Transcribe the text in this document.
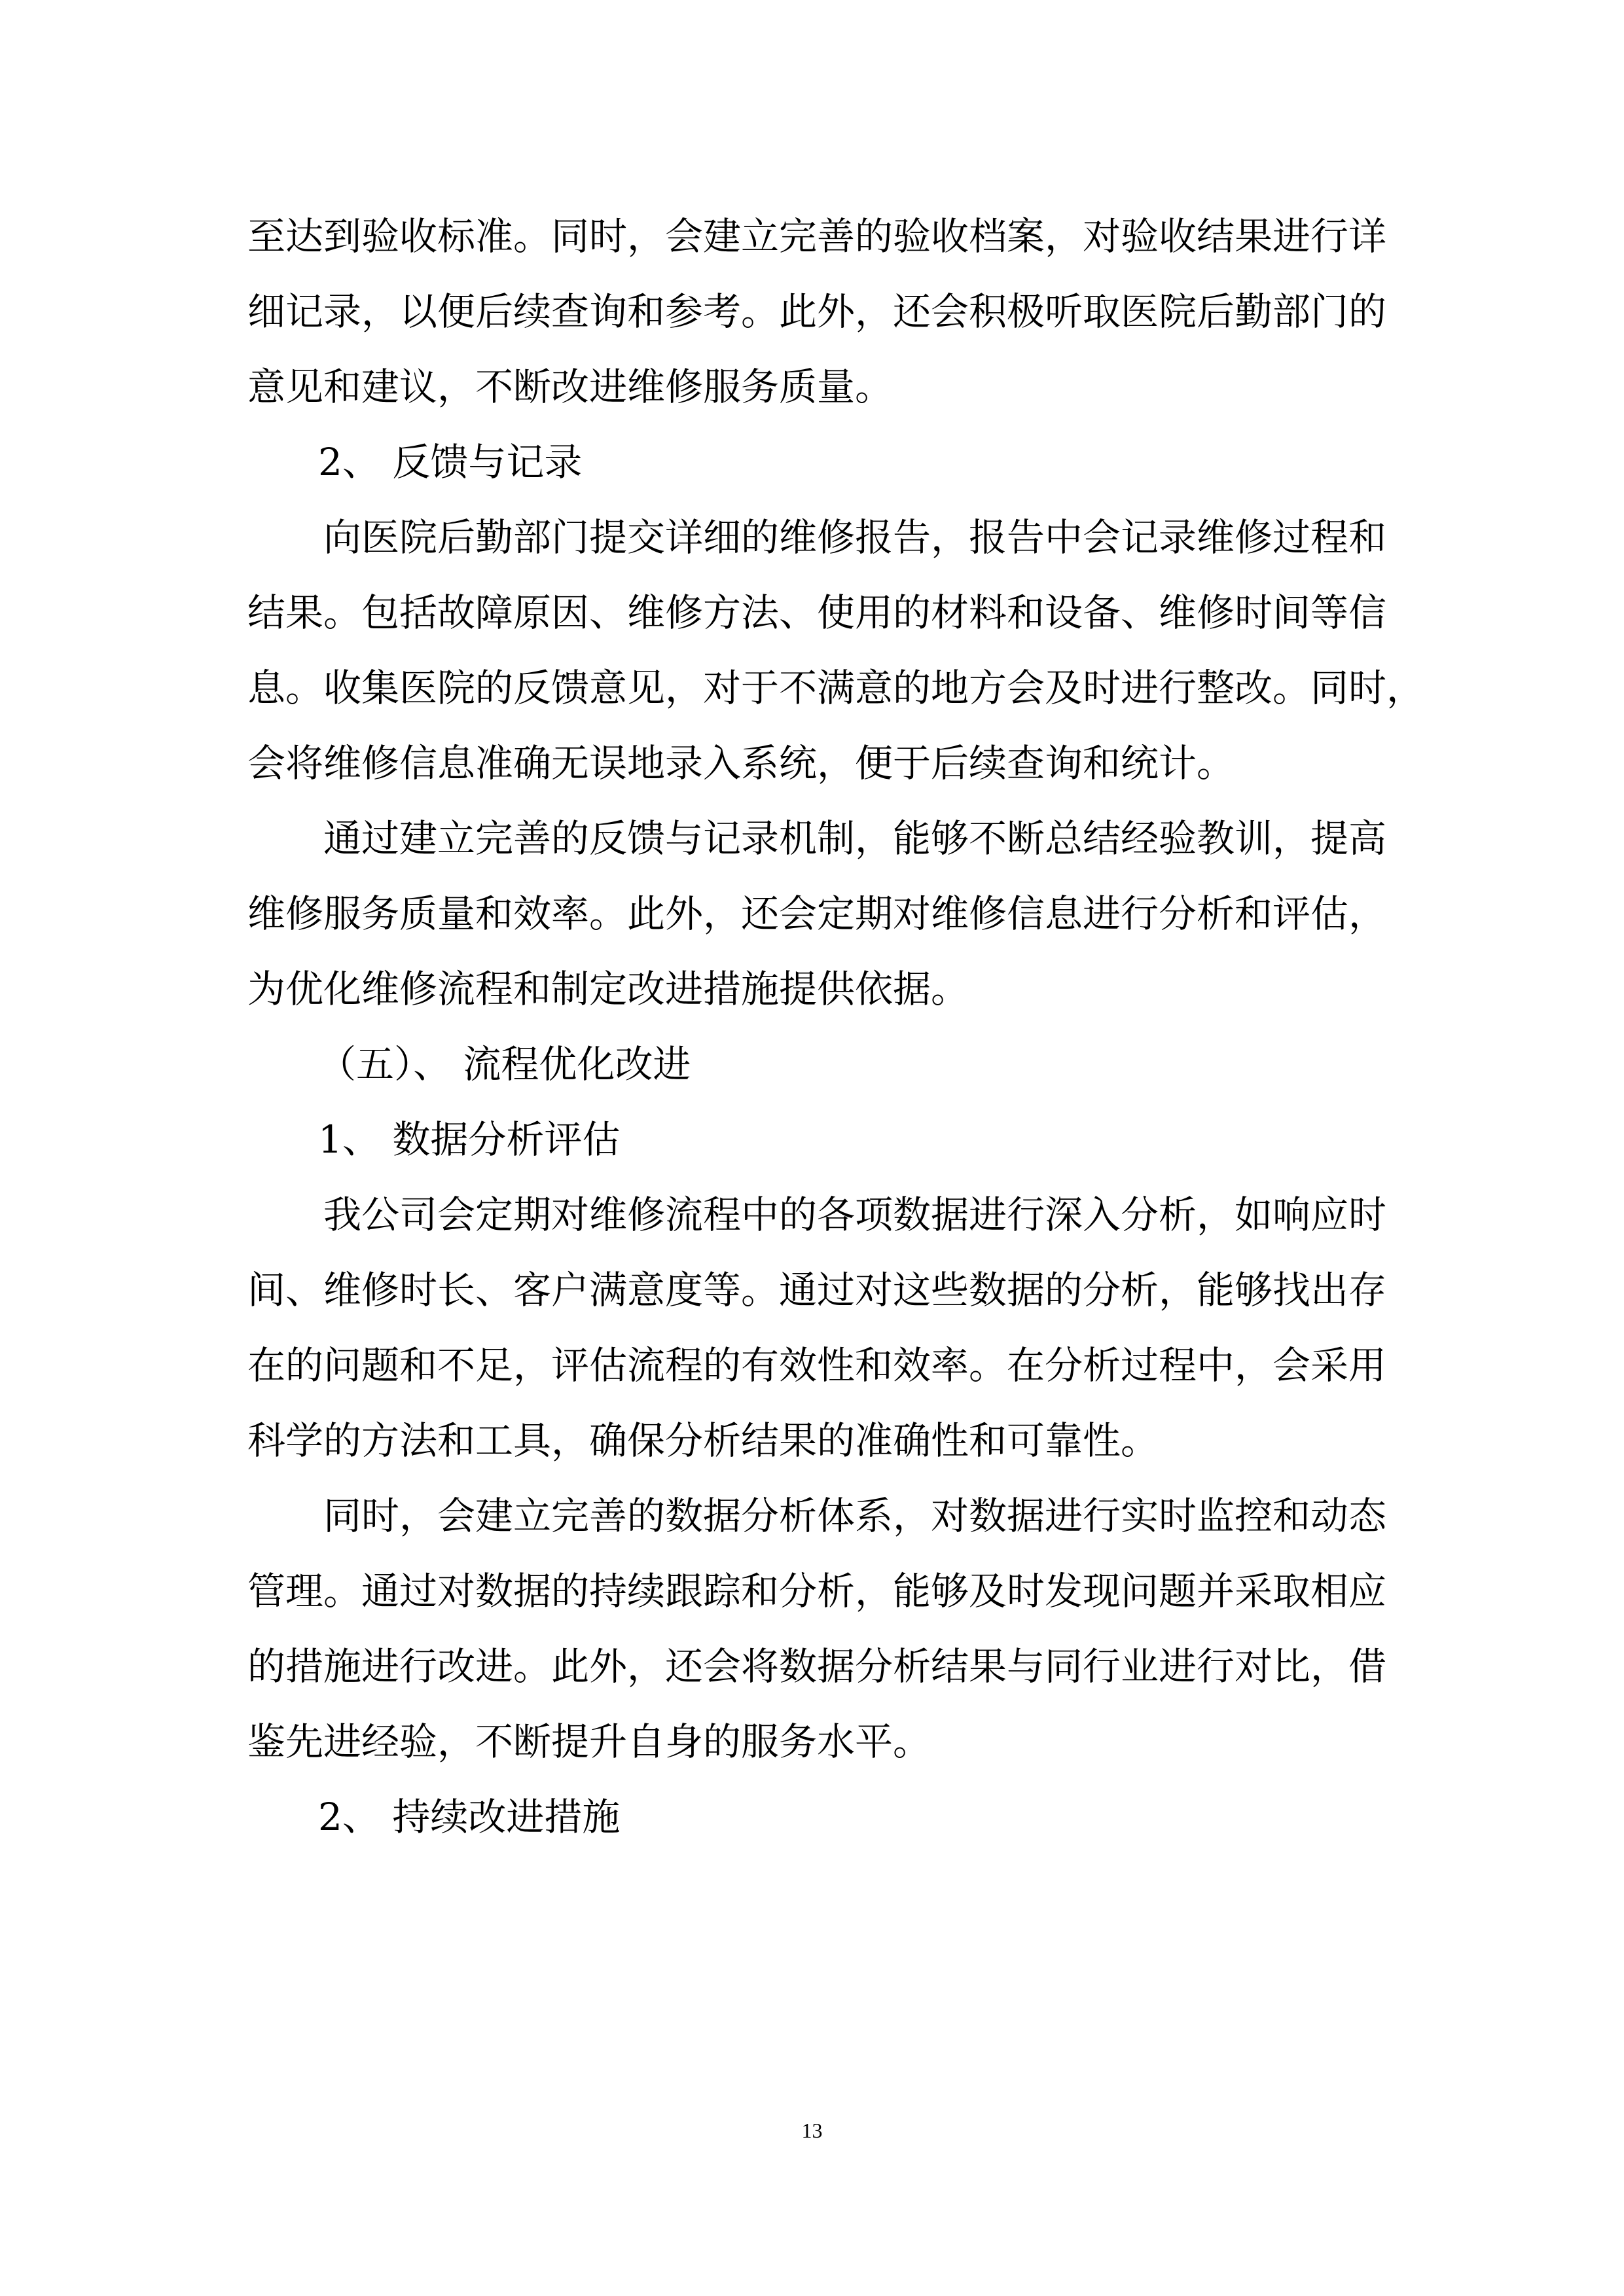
至达到验收标准。同时，会建立完善的验收档案，对验收结果进行详
细记录，以便后续查询和参考。此外，还会积极听取医院后勤部门的
意见和建议，不断改进维修服务质量。
2、 反馈与记录
向医院后勤部门提交详细的维修报告，报告中会记录维修过程和
结果。包括故障原因、维修方法、使用的材料和设备、维修时间等信
息。收集医院的反馈意见，对于不满意的地方会及时进行整改。同时，
会将维修信息准确无误地录入系统，便于后续查询和统计。
通过建立完善的反馈与记录机制，能够不断总结经验教训，提高
维修服务质量和效率。此外，还会定期对维修信息进行分析和评估，
为优化维修流程和制定改进措施提供依据。
（五）、 流程优化改进
1、 数据分析评估
我公司会定期对维修流程中的各项数据进行深入分析，如响应时
间、维修时长、客户满意度等。通过对这些数据的分析，能够找出存
在的问题和不足，评估流程的有效性和效率。在分析过程中，会采用
科学的方法和工具，确保分析结果的准确性和可靠性。
同时，会建立完善的数据分析体系，对数据进行实时监控和动态
管理。通过对数据的持续跟踪和分析，能够及时发现问题并采取相应
的措施进行改进。此外，还会将数据分析结果与同行业进行对比，借
鉴先进经验，不断提升自身的服务水平。
2、 持续改进措施
13
